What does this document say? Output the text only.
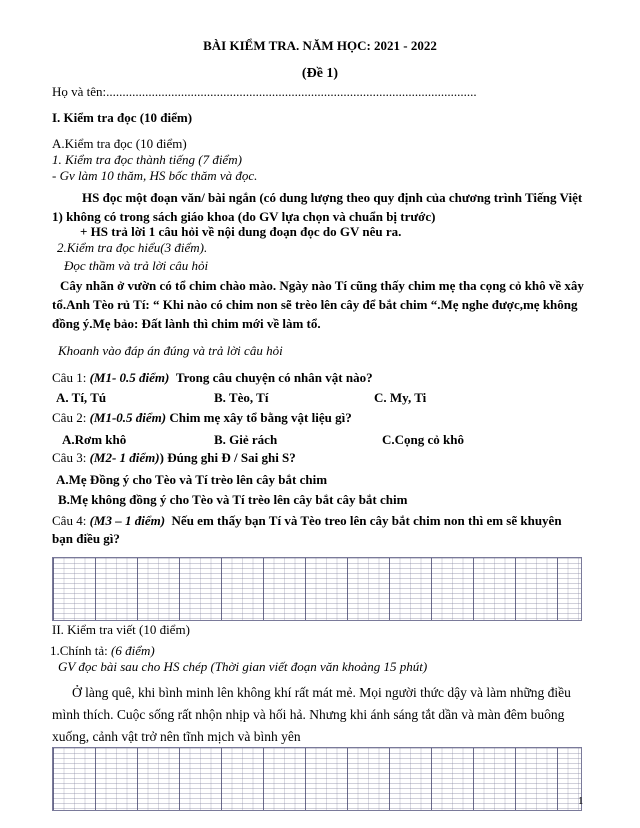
BÀI KIỂM TRA. NĂM HỌC: 2021 - 2022
(Đề 1)
Họ và tên:..................................................................................................................
I. Kiểm tra đọc (10 điểm)
A.Kiểm tra đọc (10 điểm)
1. Kiểm tra đọc thành tiếng (7 điểm)
- Gv làm 10 thăm, HS bốc thăm và đọc.
HS đọc một đoạn văn/ bài ngắn (có dung lượng theo quy định của chương trình Tiếng Việt 1) không có trong sách giáo khoa (do GV lựa chọn và chuẩn bị trước)
+ HS trả lời 1 câu hỏi về nội dung đoạn đọc do GV nêu ra.
2.Kiểm tra đọc hiểu(3 điểm).
Đọc thầm và trả lời câu hỏi
Cây nhãn ở vườn có tổ chim chào mào. Ngày nào Tí cũng thấy chim mẹ tha cọng cỏ khô về xây tổ.Anh Tèo rủ Tí: “ Khi nào có chim non sẽ trèo lên cây để bắt chim “.Mẹ nghe được,mẹ không đồng ý.Mẹ bảo: Đất lành thì chim mới về làm tổ.
Khoanh vào đáp án đúng và trả lời câu hỏi
Câu 1: (M1- 0.5 điểm) Trong câu chuyện có nhân vật nào?
A. Tí, Tú	B. Tèo, Tí	C. My, Ti
Câu 2: (M1-0.5 điểm) Chim mẹ xây tổ bằng vật liệu gì?
A.Rơm khô	B. Giẻ rách	C.Cọng cỏ khô
Câu 3: (M2- 1 điểm)) Đúng ghi Đ / Sai ghi S?
A.Mẹ Đồng ý cho Tèo và Tí trèo lên cây bắt chim
B.Mẹ không đồng ý cho Tèo và Tí trèo lên cây bắt cây bắt chim
Câu 4: (M3 – 1 điểm) Nếu em thấy bạn Tí và Tèo treo lên cây bắt chim non thì em sẽ khuyên bạn điều gì?
II. Kiểm tra viết (10 điểm)
1.Chính tả: (6 điểm)
GV đọc bài sau cho HS chép (Thời gian viết đoạn văn khoảng 15 phút)
Ở làng quê, khi bình minh lên không khí rất mát mẻ. Mọi người thức dậy và làm những điều mình thích. Cuộc sống rất nhộn nhịp và hối hả. Nhưng khi ánh sáng tắt dần và màn đêm buông xuống, cảnh vật trở nên tĩnh mịch và bình yên
1
